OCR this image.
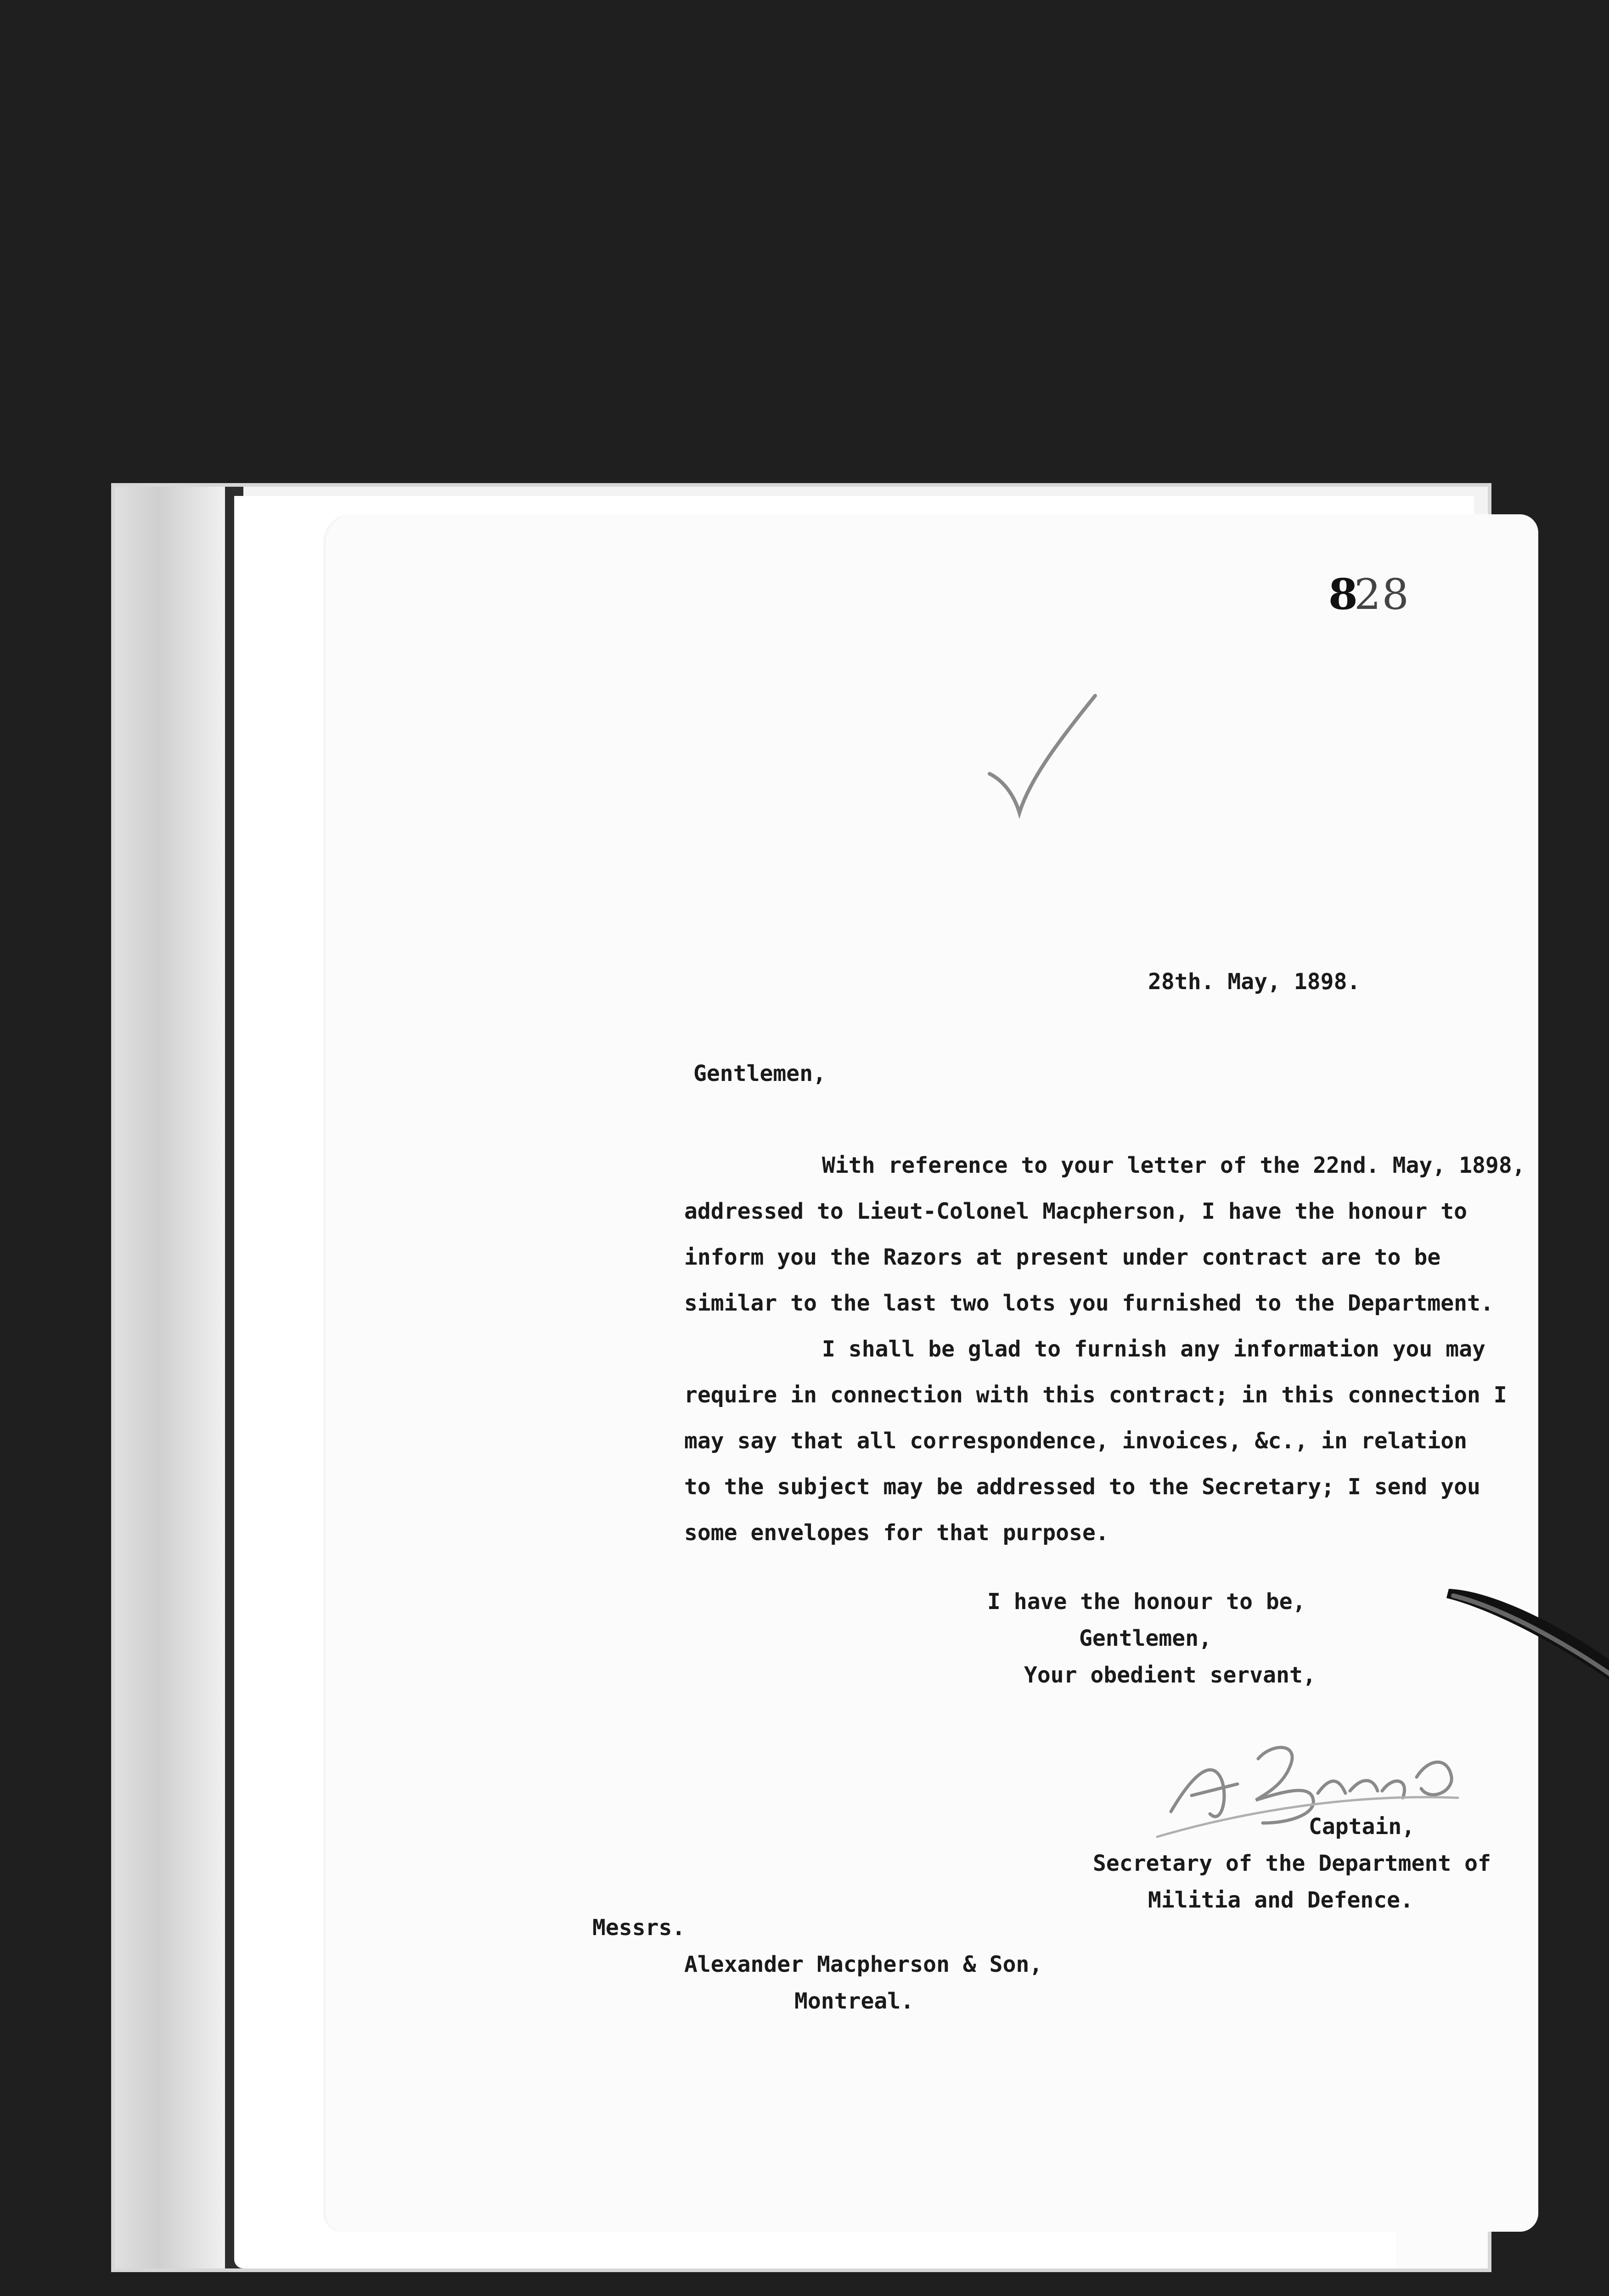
828
28th. May, 1898.
Gentlemen,
With reference to your letter of the 22nd. May, 1898,
addressed to Lieut-Colonel Macpherson, I have the honour to
inform you the Razors at present under contract are to be
similar to the last two lots you furnished to the Department.
I shall be glad to furnish any information you may
require in connection with this contract; in this connection I
may say that all correspondence, invoices, &c., in relation
to the subject may be addressed to the Secretary; I send you
some envelopes for that purpose.
I have the honour to be,
Gentlemen,
Your obedient servant,
Captain,
Secretary of the Department of
Militia and Defence.
Messrs.
Alexander Macpherson & Son,
Montreal.
